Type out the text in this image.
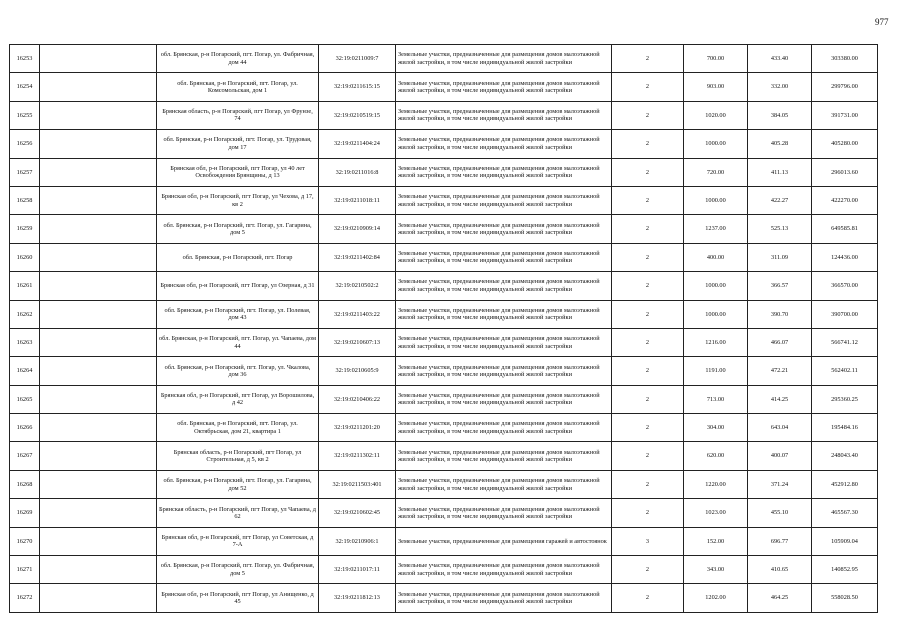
977
16253		обл. Брянская, р-н Погарский, пгт. Погар, ул. Фабричная, дом 44	32:19:0211009:7	Земельные участки, предназначенные для размещения домов малоэтажной жилой застройки, в том числе индивидуальной жилой застройки	2	700.00	433.40	303380.00
16254		обл. Брянская, р-н Погарский, пгт. Погар, ул. Комсомольская, дом 1	32:19:0211615:15	Земельные участки, предназначенные для размещения домов малоэтажной жилой застройки, в том числе индивидуальной жилой застройки	2	903.00	332.00	299796.00
16255		Брянская область, р-н Погарский, пгт Погар, ул Фрунзе, 74	32:19:0210519:15	Земельные участки, предназначенные для размещения домов малоэтажной жилой застройки, в том числе индивидуальной жилой застройки	2	1020.00	384.05	391731.00
16256		обл. Брянская, р-н Погарский, пгт. Погар, ул. Трудовая, дом 17	32:19:0211404:24	Земельные участки, предназначенные для размещения домов малоэтажной жилой застройки, в том числе индивидуальной жилой застройки	2	1000.00	405.28	405280.00
16257		Брянская обл, р-н Погарский, пгт Погар, ул 40 лет Освобождения Брянщины, д 13	32:19:0211016:8	Земельные участки, предназначенные для размещения домов малоэтажной жилой застройки, в том числе индивидуальной жилой застройки	2	720.00	411.13	296013.60
16258		Брянская обл, р-н Погарский, пгт Погар, ул Чехова, д 17, кв 2	32:19:0211018:11	Земельные участки, предназначенные для размещения домов малоэтажной жилой застройки, в том числе индивидуальной жилой застройки	2	1000.00	422.27	422270.00
16259		обл. Брянская, р-н Погарский, пгт. Погар, ул. Гагарина, дом 5	32:19:0210909:14	Земельные участки, предназначенные для размещения домов малоэтажной жилой застройки, в том числе индивидуальной жилой застройки	2	1237.00	525.13	649585.81
16260		обл. Брянская, р-н Погарский, пгт. Погар	32:19:0211402:84	Земельные участки, предназначенные для размещения домов малоэтажной жилой застройки, в том числе индивидуальной жилой застройки	2	400.00	311.09	124436.00
16261		Брянская обл, р-н Погарский, пгт Погар, ул Озерная, д 31	32:19:0210502:2	Земельные участки, предназначенные для размещения домов малоэтажной жилой застройки, в том числе индивидуальной жилой застройки	2	1000.00	366.57	366570.00
16262		обл. Брянская, р-н Погарский, пгт. Погар, ул. Полевая, дом 43	32:19:0211403:22	Земельные участки, предназначенные для размещения домов малоэтажной жилой застройки, в том числе индивидуальной жилой застройки	2	1000.00	390.70	390700.00
16263		обл. Брянская, р-н Погарский, пгт. Погар, ул. Чапаева, дом 44	32:19:0210607:13	Земельные участки, предназначенные для размещения домов малоэтажной жилой застройки, в том числе индивидуальной жилой застройки	2	1216.00	466.07	566741.12
16264		обл. Брянская, р-н Погарский, пгт. Погар, ул. Чкалова, дом 36	32:19:0210605:9	Земельные участки, предназначенные для размещения домов малоэтажной жилой застройки, в том числе индивидуальной жилой застройки	2	1191.00	472.21	562402.11
16265		Брянская обл, р-н Погарский, пгт Погар, ул Ворошилова, д 42	32:19:0210406:22	Земельные участки, предназначенные для размещения домов малоэтажной жилой застройки, в том числе индивидуальной жилой застройки	2	713.00	414.25	295360.25
16266		обл. Брянская, р-н Погарский, пгт. Погар, ул. Октябрьская, дом 21, квартира 1	32:19:0211201:20	Земельные участки, предназначенные для размещения домов малоэтажной жилой застройки, в том числе индивидуальной жилой застройки	2	304.00	643.04	195484.16
16267		Брянская область, р-н Погарский, пгт Погар, ул Строительная, д 5, кв 2	32:19:0211302:11	Земельные участки, предназначенные для размещения домов малоэтажной жилой застройки, в том числе индивидуальной жилой застройки	2	620.00	400.07	248043.40
16268		обл. Брянская, р-н Погарский, пгт. Погар, ул. Гагарина, дом 52	32:19:0211503:401	Земельные участки, предназначенные для размещения домов малоэтажной жилой застройки, в том числе индивидуальной жилой застройки	2	1220.00	371.24	452912.80
16269		Брянская область, р-н Погарский, пгт Погар, ул Чапаева, д 62	32:19:0210602:45	Земельные участки, предназначенные для размещения домов малоэтажной жилой застройки, в том числе индивидуальной жилой застройки	2	1023.00	455.10	465567.30
16270		Брянская обл, р-н Погарский, пгт Погар, ул Советская, д 7-А	32:19:0210906:1	Земельные участки, предназначенные для размещения гаражей и автостоянок	3	152.00	696.77	105909.04
16271		обл. Брянская, р-н Погарский, пгт. Погар, ул. Фабричная, дом 5	32:19:0211017:11	Земельные участки, предназначенные для размещения домов малоэтажной жилой застройки, в том числе индивидуальной жилой застройки	2	343.00	410.65	140852.95
16272		Брянская обл, р-н Погарский, пгт Погар, ул Анищенко, д 45	32:19:0211812:13	Земельные участки, предназначенные для размещения домов малоэтажной жилой застройки, в том числе индивидуальной жилой застройки	2	1202.00	464.25	558028.50
